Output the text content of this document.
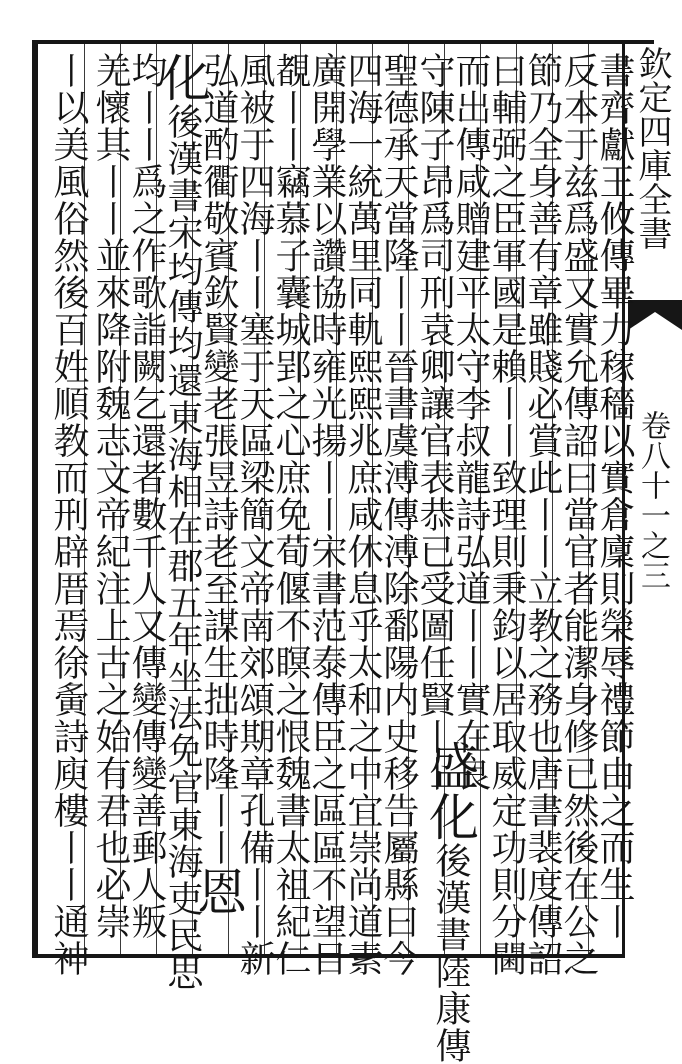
欽定四庫全書
卷八十一之三
書齊獻王攸傳畢力稼穡以實倉廩則榮辱禮節由之而生丨
反本于兹爲盛又實允傳詔曰當官者能潔身修已然後在公之
節乃全身善有章雖賤必賞此丨丨立教之務也唐書裴度傳詔
曰輔弼之臣軍國是賴丨丨致理則秉鈞以居取威定功則分閫
而出傳咸贈建平太守李叔龍詩弘道丨丨實在良
盛化後漢書陸康傳
守陳子昂爲司刑袁卿讓官表恭已受圖任賢丨丨
聖德承天當隆丨丨晉書虞溥傳溥除鄱陽内史移告屬縣曰今
四海一統萬里同軌熙熙兆庶咸休息乎太和之中宜崇尚道素
廣開學業以讚協時雍光揚丨丨宋書范泰傳臣之區區不望目
覩丨丨竊慕子囊城郢之心庶免荀偃不瞑之恨魏書太祖紀仁
風被于四海丨丨塞于天區梁簡文帝南郊頌期章孔備丨丨新
弘道酌衢敬賓欽賢變老張昱詩老至謀生拙時隆丨丨恩
化後漢書宋均傳均還東海相在郡五年坐法免官東海吏民思
均丨丨爲之作歌詣闕乞還者數千人又傳變傳變善郵人叛
羌懷其丨丨並來降附魏志文帝紀注上古之始有君也必崇
丨以美風俗然後百姓順教而刑辟厝焉徐夤詩庾樓丨丨通神
